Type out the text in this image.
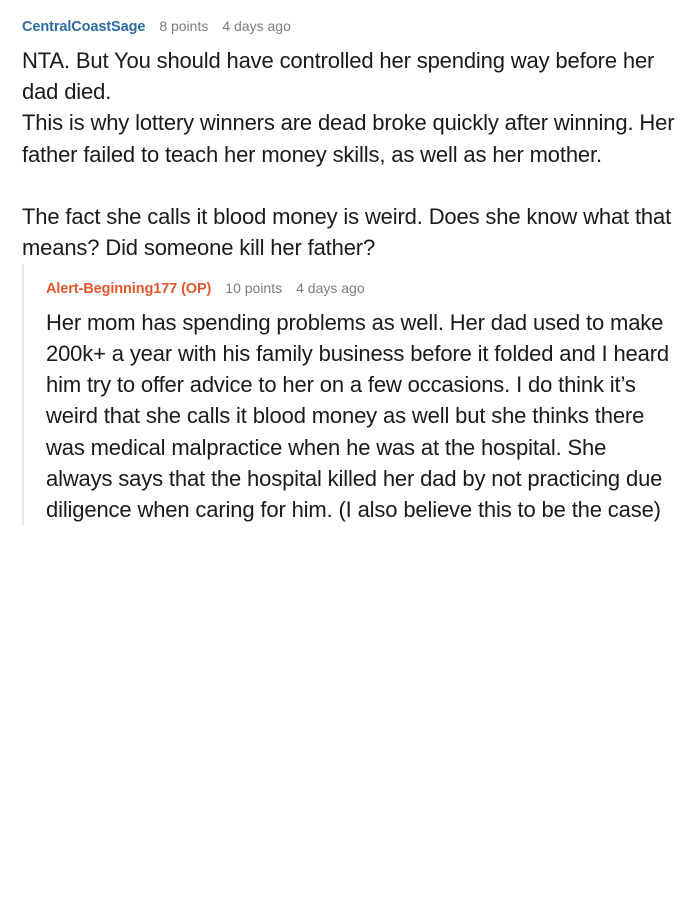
CentralCoastSage 8 points 4 days ago

NTA. But You should have controlled her spending way before her dad died.

This is why lottery winners are dead broke quickly after winning. Her father failed to teach her money skills, as well as her mother.

The fact she calls it blood money is weird. Does she know what that means? Did someone kill her father?

Alert-Beginning177 (OP) 10 points 4 days ago

Her mom has spending problems as well. Her dad used to make 200k+ a year with his family business before it folded and I heard him try to offer advice to her on a few occasions. I do think it’s weird that she calls it blood money as well but she thinks there was medical malpractice when he was at the hospital. She always says that the hospital killed her dad by not practicing due diligence when caring for him. (I also believe this to be the case)
